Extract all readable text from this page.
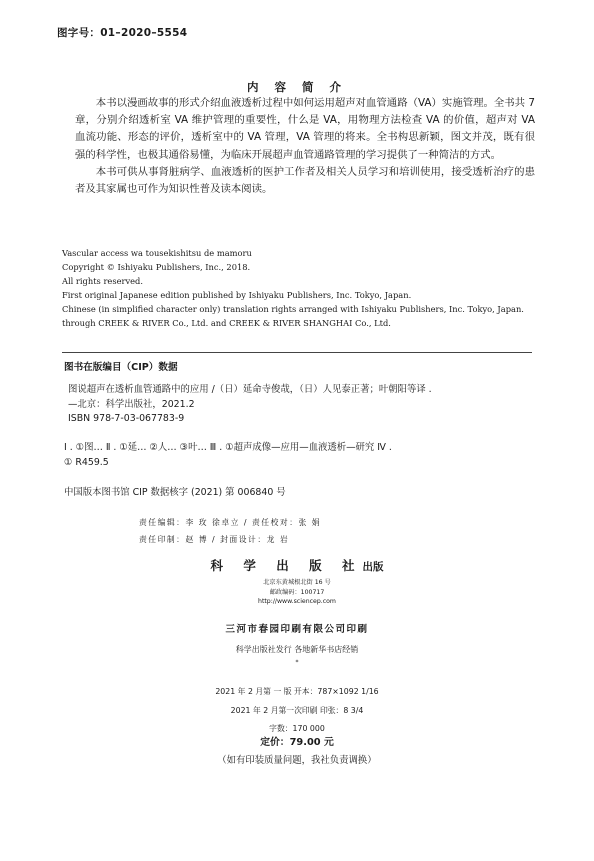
图字号：01–2020–5554
内 容 简 介

本书以漫画故事的形式介绍血液透析过程中如何运用超声对血管通路（VA）实施管理。全书共 7 章，分别介绍透析室 VA 维护管理的重要性，什么是 VA，用物理方法检查 VA 的价值，超声对 VA 血流功能、形态的评价，透析室中的 VA 管理，VA 管理的将来。全书构思新颖，图文并茂，既有很强的科学性，也极其通俗易懂，为临床开展超声血管通路管理的学习提供了一种简洁的方式。

本书可供从事肾脏病学、血液透析的医护工作者及相关人员学习和培训使用，接受透析治疗的患者及其家属也可作为知识性普及读本阅读。

Vascular access wa tousekishitsu de mamoru
Copyright © Ishiyaku Publishers, Inc., 2018.
All rights reserved.
First original Japanese edition published by Ishiyaku Publishers, Inc. Tokyo, Japan.
Chinese (in simplified character only) translation rights arranged with Ishiyaku Publishers, Inc. Tokyo, Japan.
through CREEK & RIVER Co., Ltd. and CREEK & RIVER SHANGHAI Co., Ltd.
图书在版编目（CIP）数据
图说超声在透析血管通路中的应用 /（日）延命寺俊哉，（日）人见泰正著；叶朝阳等译 .
—北京：科学出版社，2021.2
ISBN 978-7-03-067783-9
Ⅰ . ①图… Ⅱ . ①延… ②人… ③叶… Ⅲ . ①超声成像—应用—血液透析—研究 Ⅳ .
① R459.5
中国版本图书馆 CIP 数据核字 (2021) 第 006840 号
责任编辑：李 玫 徐卓立 / 责任校对：张 娟
责任印制：赵 博 / 封面设计：龙 岩
科 学 出 版 社出版
北京东黄城根北街 16 号
邮政编码：100717
http://www.sciencep.com
三河市春园印刷有限公司印刷
科学出版社发行 各地新华书店经销
*
2021 年 2 月第 一 版 开本：787×1092 1/16
2021 年 2 月第一次印刷 印张：8 3/4
字数：170 000
定价：79.00 元
（如有印装质量问题，我社负责调换）
